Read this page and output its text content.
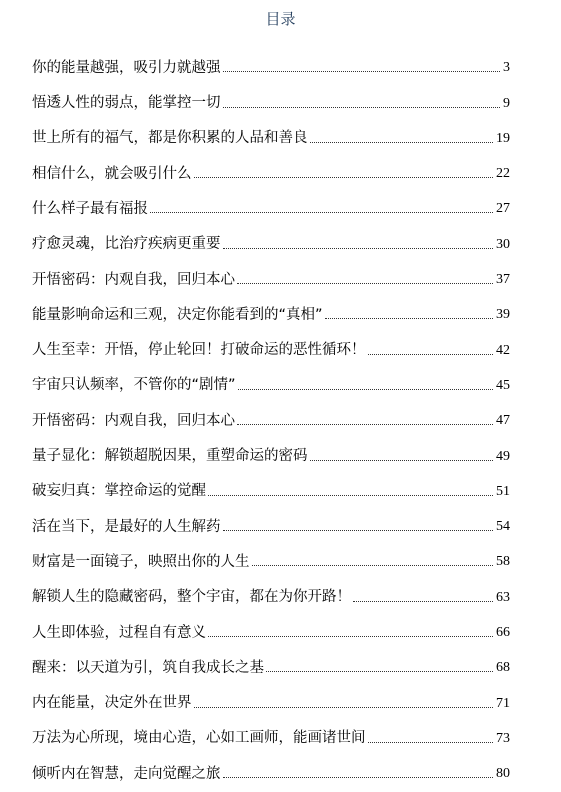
目录
你的能量越强，吸引力就越强	3
悟透人性的弱点，能掌控一切	9
世上所有的福气，都是你积累的人品和善良	19
相信什么，就会吸引什么	22
什么样子最有福报	27
疗愈灵魂，比治疗疾病更重要	30
开悟密码：内观自我，回归本心	37
能量影响命运和三观，决定你能看到的“真相”	39
人生至幸：开悟，停止轮回！打破命运的恶性循环！	42
宇宙只认频率，不管你的“剧情”	45
开悟密码：内观自我，回归本心	47
量子显化：解锁超脱因果，重塑命运的密码	49
破妄归真：掌控命运的觉醒	51
活在当下，是最好的人生解药	54
财富是一面镜子，映照出你的人生	58
解锁人生的隐藏密码，整个宇宙，都在为你开路！	63
人生即体验，过程自有意义	66
醒来：以天道为引，筑自我成长之基	68
内在能量，决定外在世界	71
万法为心所现，境由心造，心如工画师，能画诸世间	73
倾听内在智慧，走向觉醒之旅	80
